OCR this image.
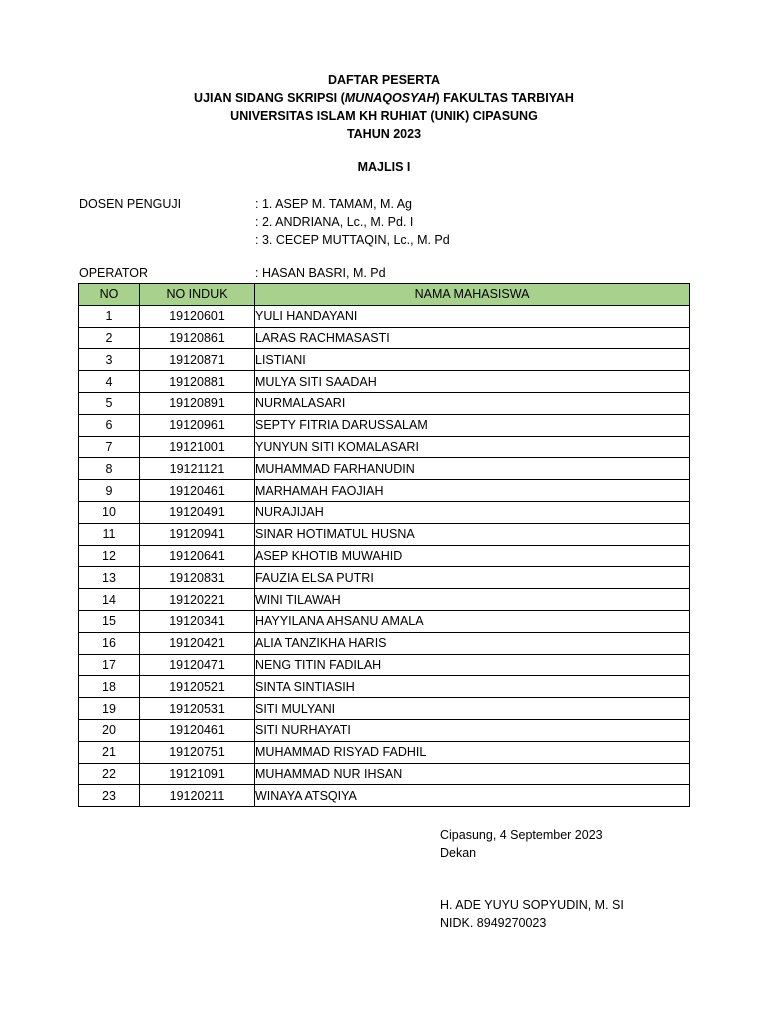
DAFTAR PESERTA
UJIAN SIDANG SKRIPSI (MUNAQOSYAH) FAKULTAS TARBIYAH
UNIVERSITAS ISLAM KH RUHIAT (UNIK) CIPASUNG
TAHUN 2023
MAJLIS I
DOSEN PENGUJI	: 1. ASEP M. TAMAM, M. Ag
: 2. ANDRIANA, Lc., M. Pd. I
: 3. CECEP MUTTAQIN, Lc., M. Pd
OPERATOR	: HASAN BASRI, M. Pd
NO	NO INDUK	NAMA MAHASISWA
1	19120601	YULI HANDAYANI
2	19120861	LARAS RACHMASASTI
3	19120871	LISTIANI
4	19120881	MULYA SITI SAADAH
5	19120891	NURMALASARI
6	19120961	SEPTY FITRIA DARUSSALAM
7	19121001	YUNYUN SITI KOMALASARI
8	19121121	MUHAMMAD FARHANUDIN
9	19120461	MARHAMAH FAOJIAH
10	19120491	NURAJIJAH
11	19120941	SINAR HOTIMATUL HUSNA
12	19120641	ASEP KHOTIB MUWAHID
13	19120831	FAUZIA ELSA PUTRI
14	19120221	WINI TILAWAH
15	19120341	HAYYILANA AHSANU AMALA
16	19120421	ALIA TANZIKHA HARIS
17	19120471	NENG TITIN FADILAH
18	19120521	SINTA SINTIASIH
19	19120531	SITI MULYANI
20	19120461	SITI NURHAYATI
21	19120751	MUHAMMAD RISYAD FADHIL
22	19121091	MUHAMMAD NUR IHSAN
23	19120211	WINAYA ATSQIYA
Cipasung, 4 September 2023
Dekan
H. ADE YUYU SOPYUDIN, M. SI
NIDK. 8949270023
